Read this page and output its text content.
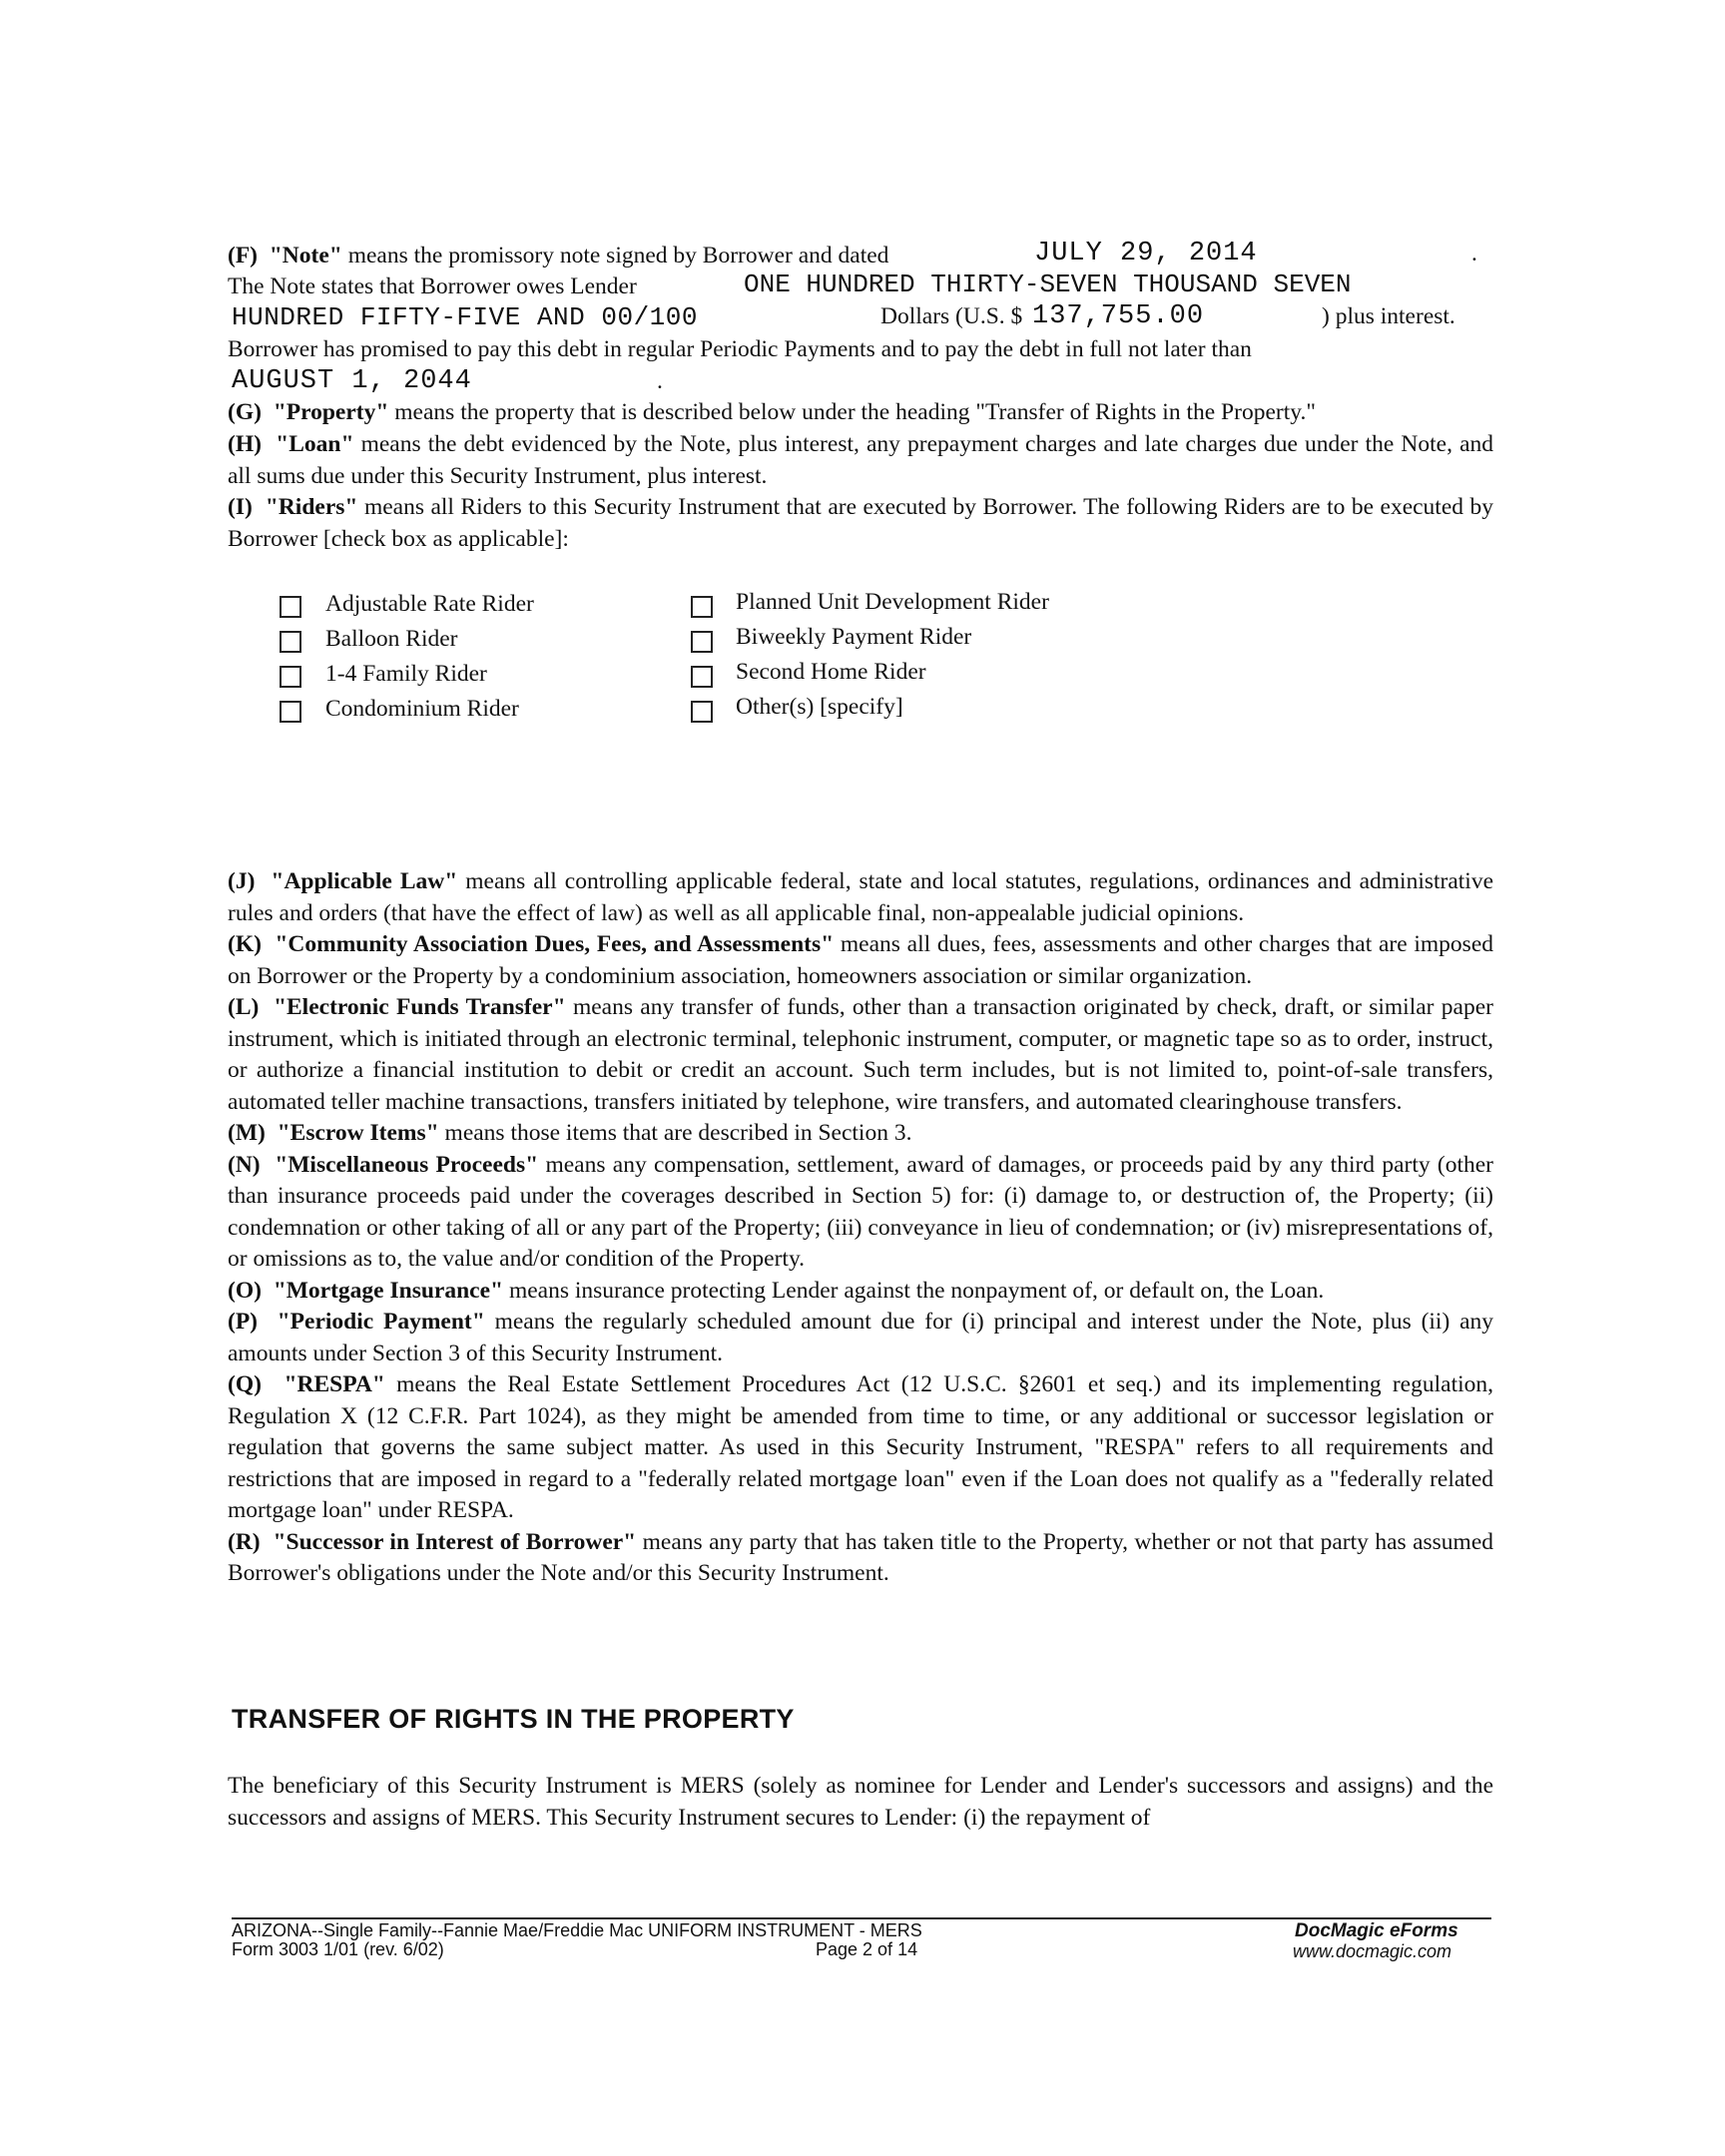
(F) "Note" means the promissory note signed by Borrower and dated	JULY 29, 2014	.
The Note states that Borrower owes Lender	ONE HUNDRED THIRTY-SEVEN THOUSAND SEVEN
HUNDRED FIFTY-FIVE AND 00/100	Dollars (U.S. $ 137,755.00	) plus interest.
Borrower has promised to pay this debt in regular Periodic Payments and to pay the debt in full not later than
AUGUST 1, 2044	.
(G) "Property" means the property that is described below under the heading "Transfer of Rights in the Property."
(H) "Loan" means the debt evidenced by the Note, plus interest, any prepayment charges and late charges due under the Note, and all sums due under this Security Instrument, plus interest.
(I) "Riders" means all Riders to this Security Instrument that are executed by Borrower. The following Riders are to be executed by Borrower [check box as applicable]:
Adjustable Rate Rider
Balloon Rider
1-4 Family Rider
Condominium Rider
Planned Unit Development Rider
Biweekly Payment Rider
Second Home Rider
Other(s) [specify]
(J) "Applicable Law" means all controlling applicable federal, state and local statutes, regulations, ordinances and administrative rules and orders (that have the effect of law) as well as all applicable final, non-appealable judicial opinions.
(K) "Community Association Dues, Fees, and Assessments" means all dues, fees, assessments and other charges that are imposed on Borrower or the Property by a condominium association, homeowners association or similar organization.
(L) "Electronic Funds Transfer" means any transfer of funds, other than a transaction originated by check, draft, or similar paper instrument, which is initiated through an electronic terminal, telephonic instrument, computer, or magnetic tape so as to order, instruct, or authorize a financial institution to debit or credit an account. Such term includes, but is not limited to, point-of-sale transfers, automated teller machine transactions, transfers initiated by telephone, wire transfers, and automated clearinghouse transfers.
(M) "Escrow Items" means those items that are described in Section 3.
(N) "Miscellaneous Proceeds" means any compensation, settlement, award of damages, or proceeds paid by any third party (other than insurance proceeds paid under the coverages described in Section 5) for: (i) damage to, or destruction of, the Property; (ii) condemnation or other taking of all or any part of the Property; (iii) conveyance in lieu of condemnation; or (iv) misrepresentations of, or omissions as to, the value and/or condition of the Property.
(O) "Mortgage Insurance" means insurance protecting Lender against the nonpayment of, or default on, the Loan.
(P) "Periodic Payment" means the regularly scheduled amount due for (i) principal and interest under the Note, plus (ii) any amounts under Section 3 of this Security Instrument.
(Q) "RESPA" means the Real Estate Settlement Procedures Act (12 U.S.C. §2601 et seq.) and its implementing regulation, Regulation X (12 C.F.R. Part 1024), as they might be amended from time to time, or any additional or successor legislation or regulation that governs the same subject matter. As used in this Security Instrument, "RESPA" refers to all requirements and restrictions that are imposed in regard to a "federally related mortgage loan" even if the Loan does not qualify as a "federally related mortgage loan" under RESPA.
(R) "Successor in Interest of Borrower" means any party that has taken title to the Property, whether or not that party has assumed Borrower's obligations under the Note and/or this Security Instrument.
TRANSFER OF RIGHTS IN THE PROPERTY
The beneficiary of this Security Instrument is MERS (solely as nominee for Lender and Lender's successors and assigns) and the successors and assigns of MERS. This Security Instrument secures to Lender: (i) the repayment of
ARIZONA--Single Family--Fannie Mae/Freddie Mac UNIFORM INSTRUMENT - MERS
Form 3003 1/01 (rev. 6/02)	Page 2 of 14
DocMagic eForms
www.docmagic.com
